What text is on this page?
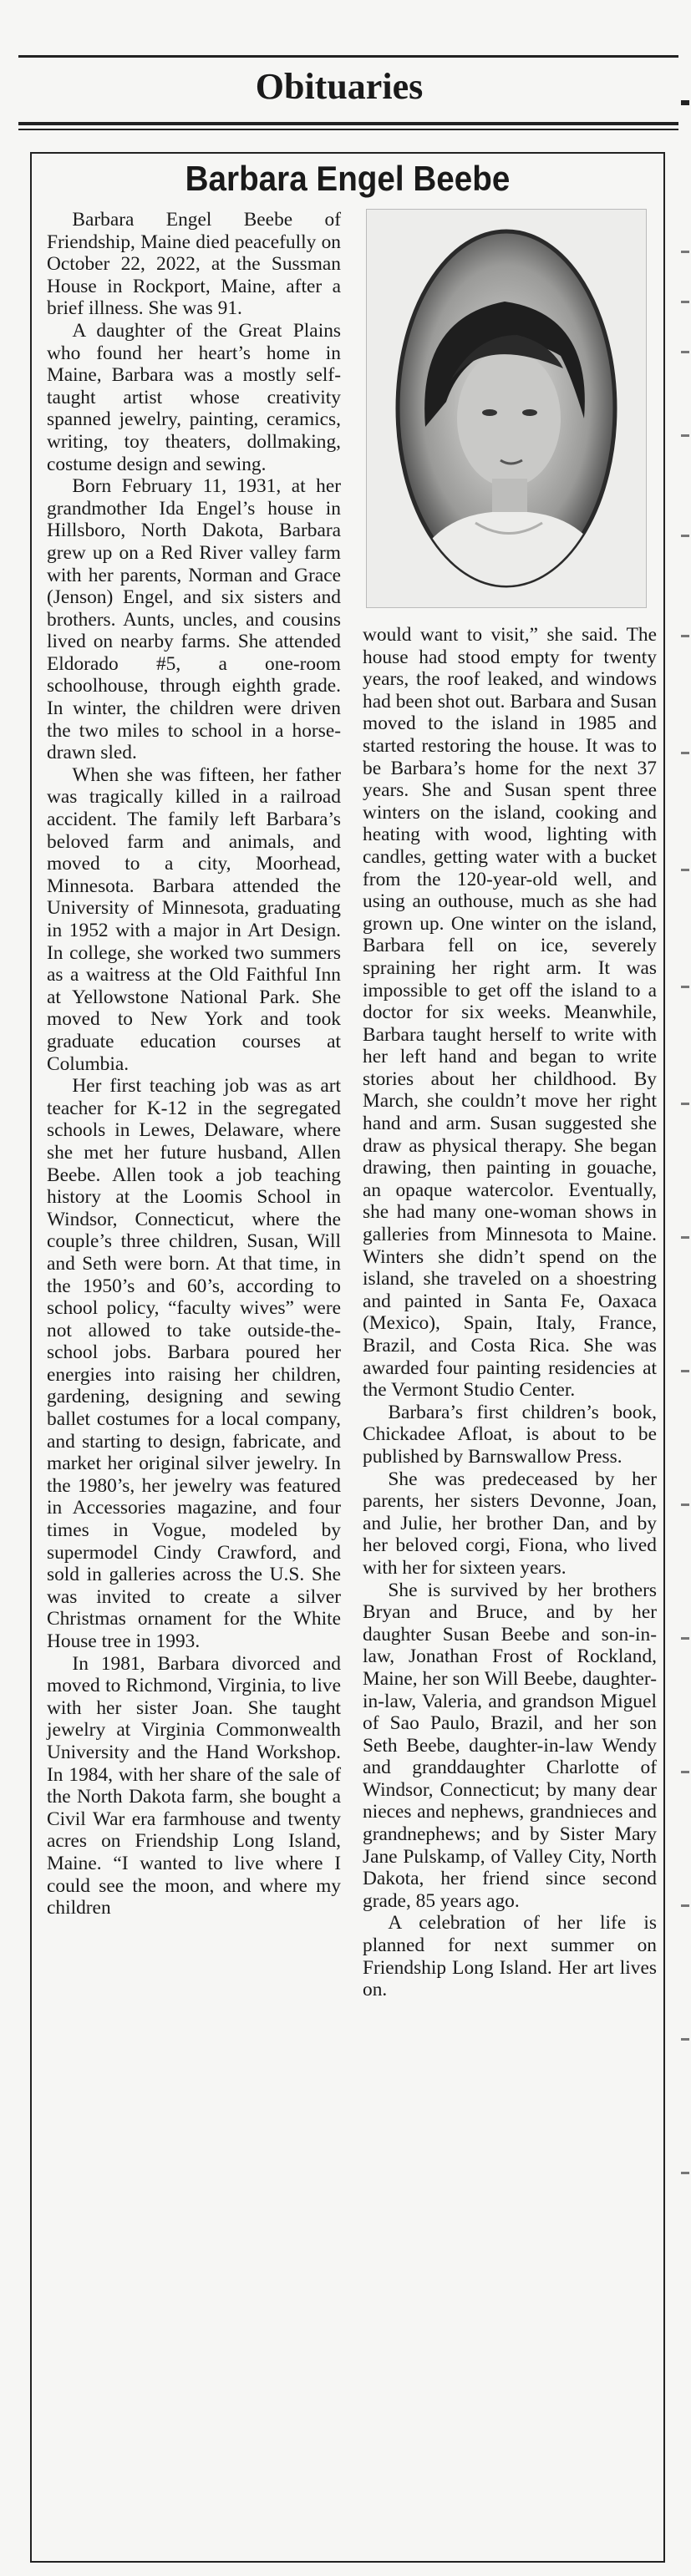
Obituaries
Barbara Engel Beebe

Barbara Engel Beebe of Friendship, Maine died peacefully on October 22, 2022, at the Sussman House in Rockport, Maine, after a brief illness. She was 91.

A daughter of the Great Plains who found her heart’s home in Maine, Barbara was a mostly self-taught artist whose creativity spanned jewelry, painting, ceramics, writing, toy theaters, dollmaking, costume design and sewing.

Born February 11, 1931, at her grandmother Ida Engel’s house in Hillsboro, North Dakota, Barbara grew up on a Red River valley farm with her parents, Norman and Grace (Jenson) Engel, and six sisters and brothers. Aunts, uncles, and cousins lived on nearby farms. She attended Eldorado #5, a one-room schoolhouse, through eighth grade. In winter, the children were driven the two miles to school in a horse-drawn sled.

When she was fifteen, her father was tragically killed in a railroad accident. The family left Barbara’s beloved farm and animals, and moved to a city, Moorhead, Minnesota. Barbara attended the University of Minnesota, graduating in 1952 with a major in Art Design. In college, she worked two summers as a waitress at the Old Faithful Inn at Yellowstone National Park. She moved to New York and took graduate education courses at Columbia.

Her first teaching job was as art teacher for K-12 in the segregated schools in Lewes, Delaware, where she met her future husband, Allen Beebe. Allen took a job teaching history at the Loomis School in Windsor, Connecticut, where the couple’s three children, Susan, Will and Seth were born. At that time, in the 1950’s and 60’s, according to school policy, “faculty wives” were not allowed to take outside-the-school jobs. Barbara poured her energies into raising her children, gardening, designing and sewing ballet costumes for a local company, and starting to design, fabricate, and market her original silver jewelry. In the 1980’s, her jewelry was featured in Accessories magazine, and four times in Vogue, modeled by supermodel Cindy Crawford, and sold in galleries across the U.S. She was invited to create a silver Christmas ornament for the White House tree in 1993.

In 1981, Barbara divorced and moved to Richmond, Virginia, to live with her sister Joan. She taught jewelry at Virginia Commonwealth University and the Hand Workshop. In 1984, with her share of the sale of the North Dakota farm, she bought a Civil War era farmhouse and twenty acres on Friendship Long Island, Maine. “I wanted to live where I could see the moon, and where my children

would want to visit,” she said. The house had stood empty for twenty years, the roof leaked, and windows had been shot out. Barbara and Susan moved to the island in 1985 and started restoring the house. It was to be Barbara’s home for the next 37 years. She and Susan spent three winters on the island, cooking and heating with wood, lighting with candles, getting water with a bucket from the 120-year-old well, and using an outhouse, much as she had grown up. One winter on the island, Barbara fell on ice, severely spraining her right arm. It was impossible to get off the island to a doctor for six weeks. Meanwhile, Barbara taught herself to write with her left hand and began to write stories about her childhood. By March, she couldn’t move her right hand and arm. Susan suggested she draw as physical therapy. She began drawing, then painting in gouache, an opaque watercolor. Eventually, she had many one-woman shows in galleries from Minnesota to Maine. Winters she didn’t spend on the island, she traveled on a shoestring and painted in Santa Fe, Oaxaca (Mexico), Spain, Italy, France, Brazil, and Costa Rica. She was awarded four painting residencies at the Vermont Studio Center.

Barbara’s first children’s book, Chickadee Afloat, is about to be published by Barnswallow Press.

She was predeceased by her parents, her sisters Devonne, Joan, and Julie, her brother Dan, and by her beloved corgi, Fiona, who lived with her for sixteen years.

She is survived by her brothers Bryan and Bruce, and by her daughter Susan Beebe and son-in-law, Jonathan Frost of Rockland, Maine, her son Will Beebe, daughter-in-law, Valeria, and grandson Miguel of Sao Paulo, Brazil, and her son Seth Beebe, daughter-in-law Wendy and granddaughter Charlotte of Windsor, Connecticut; by many dear nieces and nephews, grandnieces and grandnephews; and by Sister Mary Jane Pulskamp, of Valley City, North Dakota, her friend since second grade, 85 years ago.

A celebration of her life is planned for next summer on Friendship Long Island. Her art lives on.
